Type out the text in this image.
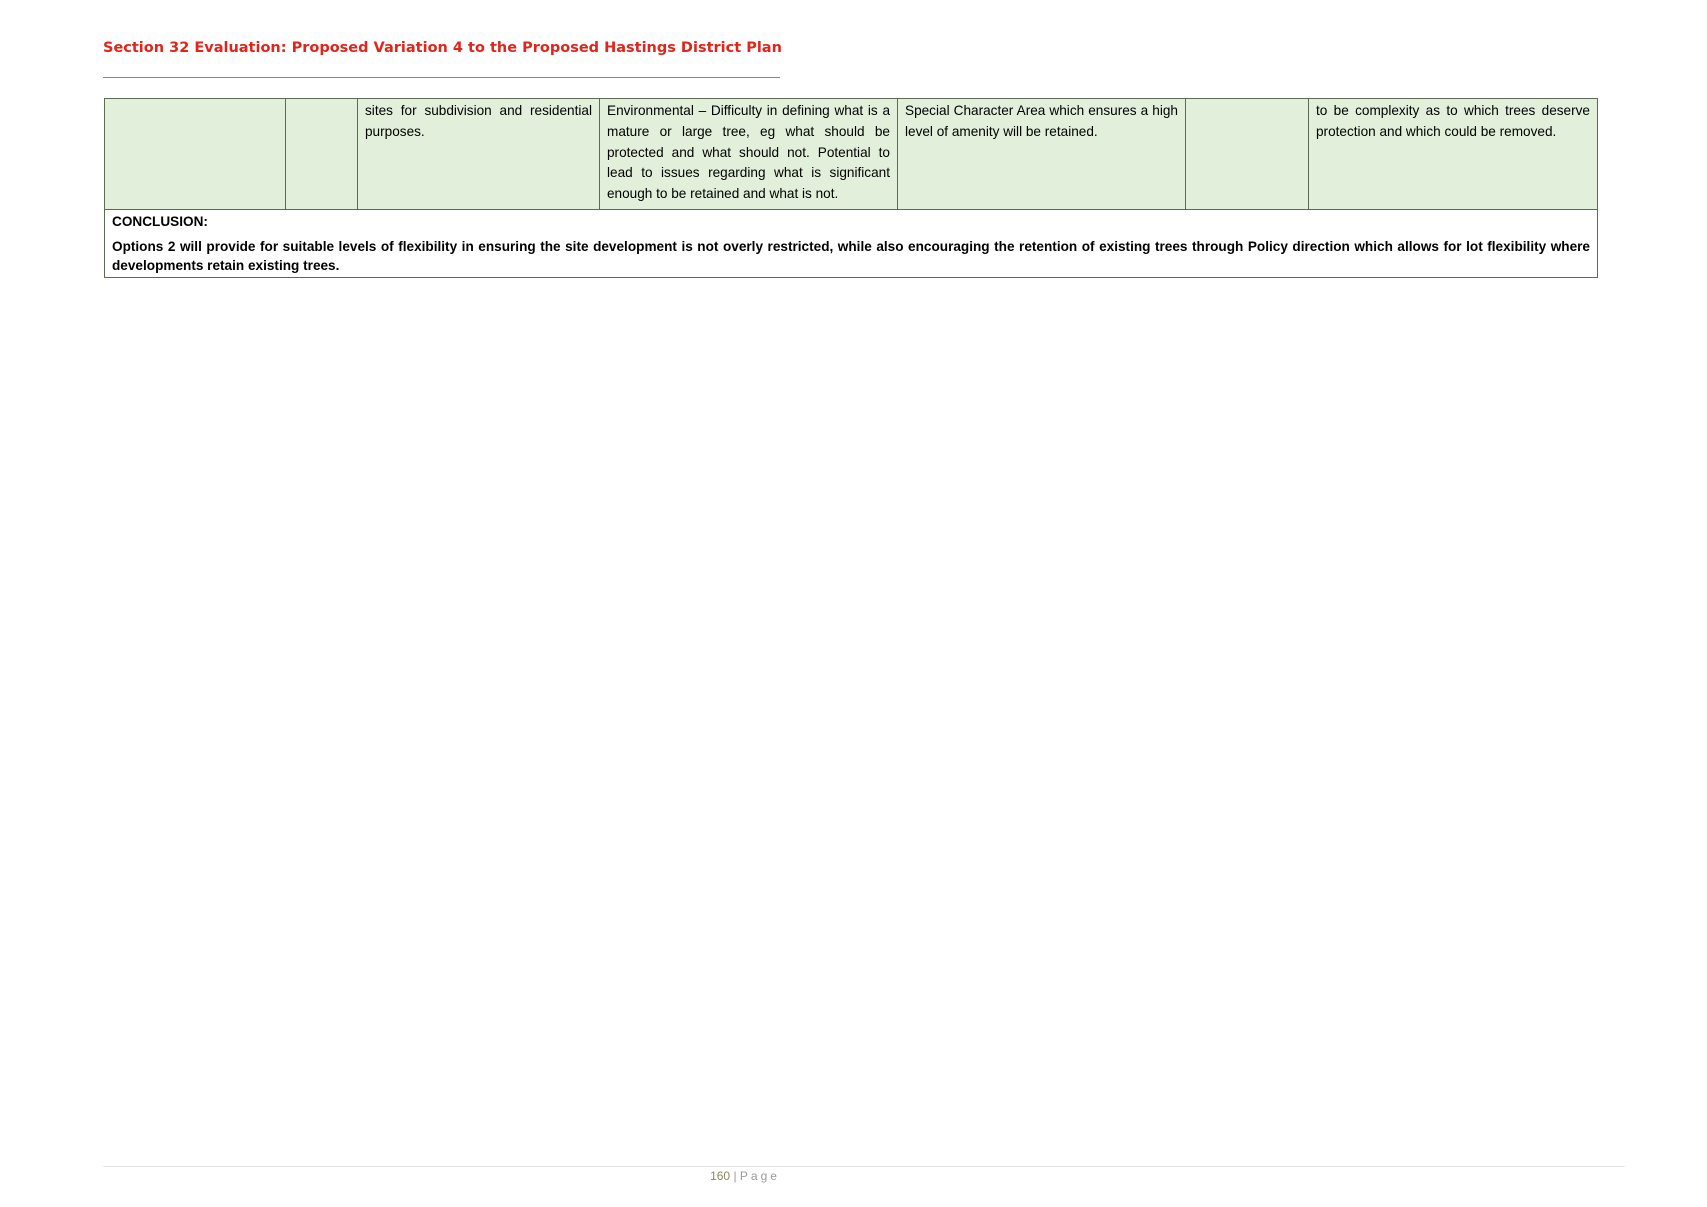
Section 32 Evaluation: Proposed Variation 4 to the Proposed Hastings District Plan
		sites for subdivision and residential purposes.	Environmental – Difficulty in defining what is a mature or large tree, eg what should be protected and what should not. Potential to lead to issues regarding what is significant enough to be retained and what is not.	Special Character Area which ensures a high level of amenity will be retained.		to be complexity as to which trees deserve protection and which could be removed.

CONCLUSION:
Options 2 will provide for suitable levels of flexibility in ensuring the site development is not overly restricted, while also encouraging the retention of existing trees through Policy direction which allows for lot flexibility where developments retain existing trees.
160 | Page
